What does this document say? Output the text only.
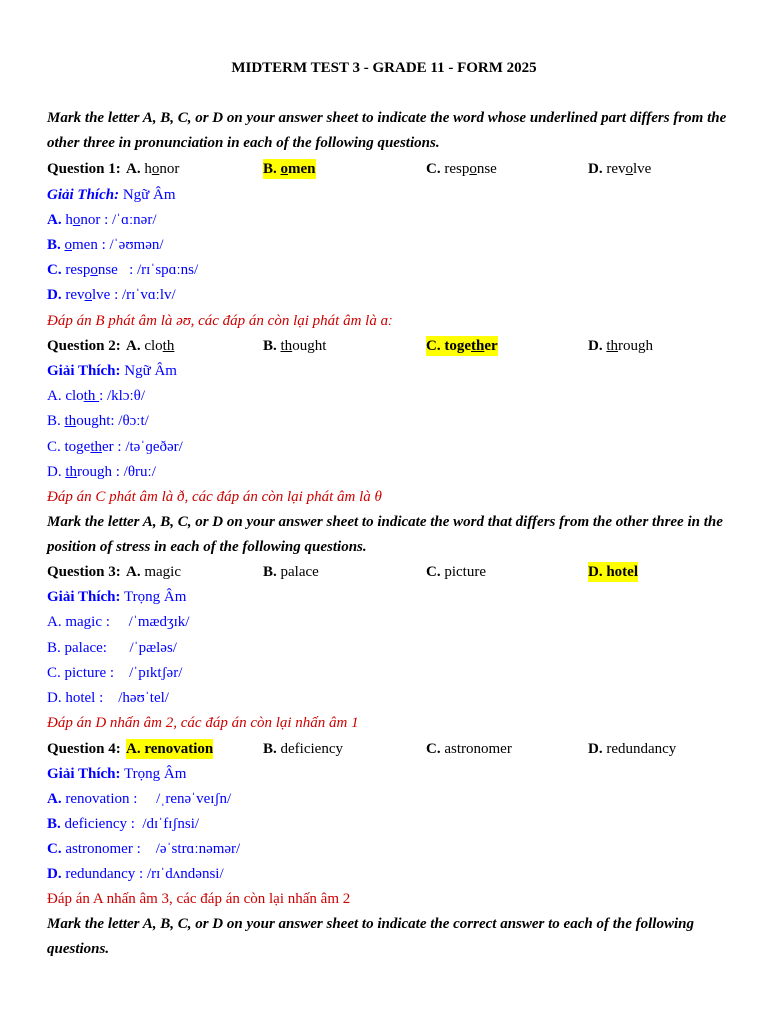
MIDTERM TEST 3 - GRADE 11 - FORM 2025
Mark the letter A, B, C, or D on your answer sheet to indicate the word whose underlined part differs from the other three in pronunciation in each of the following questions.
Question 1: A. honor	B. omen	C. response	D. revolve
Giải Thích: Ngữ Âm
A. honor : /ˈɑːnər/
B. omen : /ˈəʊmən/
C. response   : /rɪˈspɑːns/
D. revolve : /rɪˈvɑːlv/
Đáp án B phát âm là əʊ, các đáp án còn lại phát âm là ɑː
Question 2: A. cloth	B. thought	C. together	D. through
Giải Thích: Ngữ Âm
A. cloth : /klɔːθ/
B. thought: /θɔːt/
C. together : /təˈɡeðər/
D. through : /θruː/
Đáp án C phát âm là ð, các đáp án còn lại phát âm là θ
Mark the letter A, B, C, or D on your answer sheet to indicate the word that differs from the other three in the position of stress in each of the following questions.
Question 3: A. magic	B. palace	C. picture	D. hotel
Giải Thích: Trọng Âm
A. magic :     /ˈmædʒɪk/
B. palace:      /ˈpæləs/
C. picture :    /ˈpɪktʃər/
D. hotel :    /həʊˈtel/
Đáp án D nhấn âm 2, các đáp án còn lại nhấn âm 1
Question 4: A. renovation	B. deficiency	C. astronomer	D. redundancy
Giải Thích: Trọng Âm
A. renovation :     /ˌrenəˈveɪʃn/
B. deficiency :  /dɪˈfɪʃnsi/
C. astronomer :    /əˈstrɑːnəmər/
D. redundancy : /rɪˈdʌndənsi/
Đáp án A nhấn âm 3, các đáp án còn lại nhấn âm 2
Mark the letter A, B, C, or D on your answer sheet to indicate the correct answer to each of the following questions.
